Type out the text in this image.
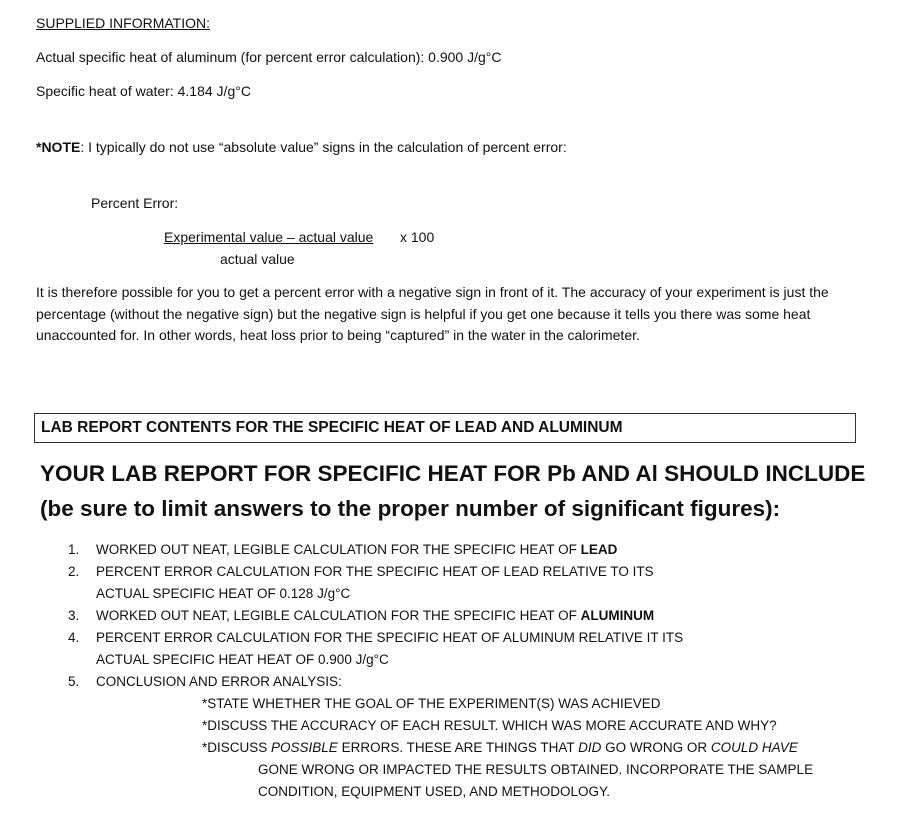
SUPPLIED INFORMATION:
Actual specific heat of aluminum (for percent error calculation): 0.900 J/g°C
Specific heat of water: 4.184 J/g°C
*NOTE: I typically do not use “absolute value” signs in the calculation of percent error:
Percent Error:
Experimental value – actual value x 100
actual value
It is therefore possible for you to get a percent error with a negative sign in front of it. The accuracy of your experiment is just the percentage (without the negative sign) but the negative sign is helpful if you get one because it tells you there was some heat unaccounted for. In other words, heat loss prior to being “captured” in the water in the calorimeter.
LAB REPORT CONTENTS FOR THE SPECIFIC HEAT OF LEAD AND ALUMINUM
YOUR LAB REPORT FOR SPECIFIC HEAT FOR Pb AND Al SHOULD INCLUDE
(be sure to limit answers to the proper number of significant figures):
1. WORKED OUT NEAT, LEGIBLE CALCULATION FOR THE SPECIFIC HEAT OF LEAD
2. PERCENT ERROR CALCULATION FOR THE SPECIFIC HEAT OF LEAD RELATIVE TO ITS
ACTUAL SPECIFIC HEAT OF 0.128 J/g°C
3. WORKED OUT NEAT, LEGIBLE CALCULATION FOR THE SPECIFIC HEAT OF ALUMINUM
4. PERCENT ERROR CALCULATION FOR THE SPECIFIC HEAT OF ALUMINUM RELATIVE IT ITS
ACTUAL SPECIFIC HEAT HEAT OF 0.900 J/g°C
5. CONCLUSION AND ERROR ANALYSIS:
*STATE WHETHER THE GOAL OF THE EXPERIMENT(S) WAS ACHIEVED
*DISCUSS THE ACCURACY OF EACH RESULT. WHICH WAS MORE ACCURATE AND WHY?
*DISCUSS POSSIBLE ERRORS. THESE ARE THINGS THAT DID GO WRONG OR COULD HAVE
GONE WRONG OR IMPACTED THE RESULTS OBTAINED. INCORPORATE THE SAMPLE
CONDITION, EQUIPMENT USED, AND METHODOLOGY.
